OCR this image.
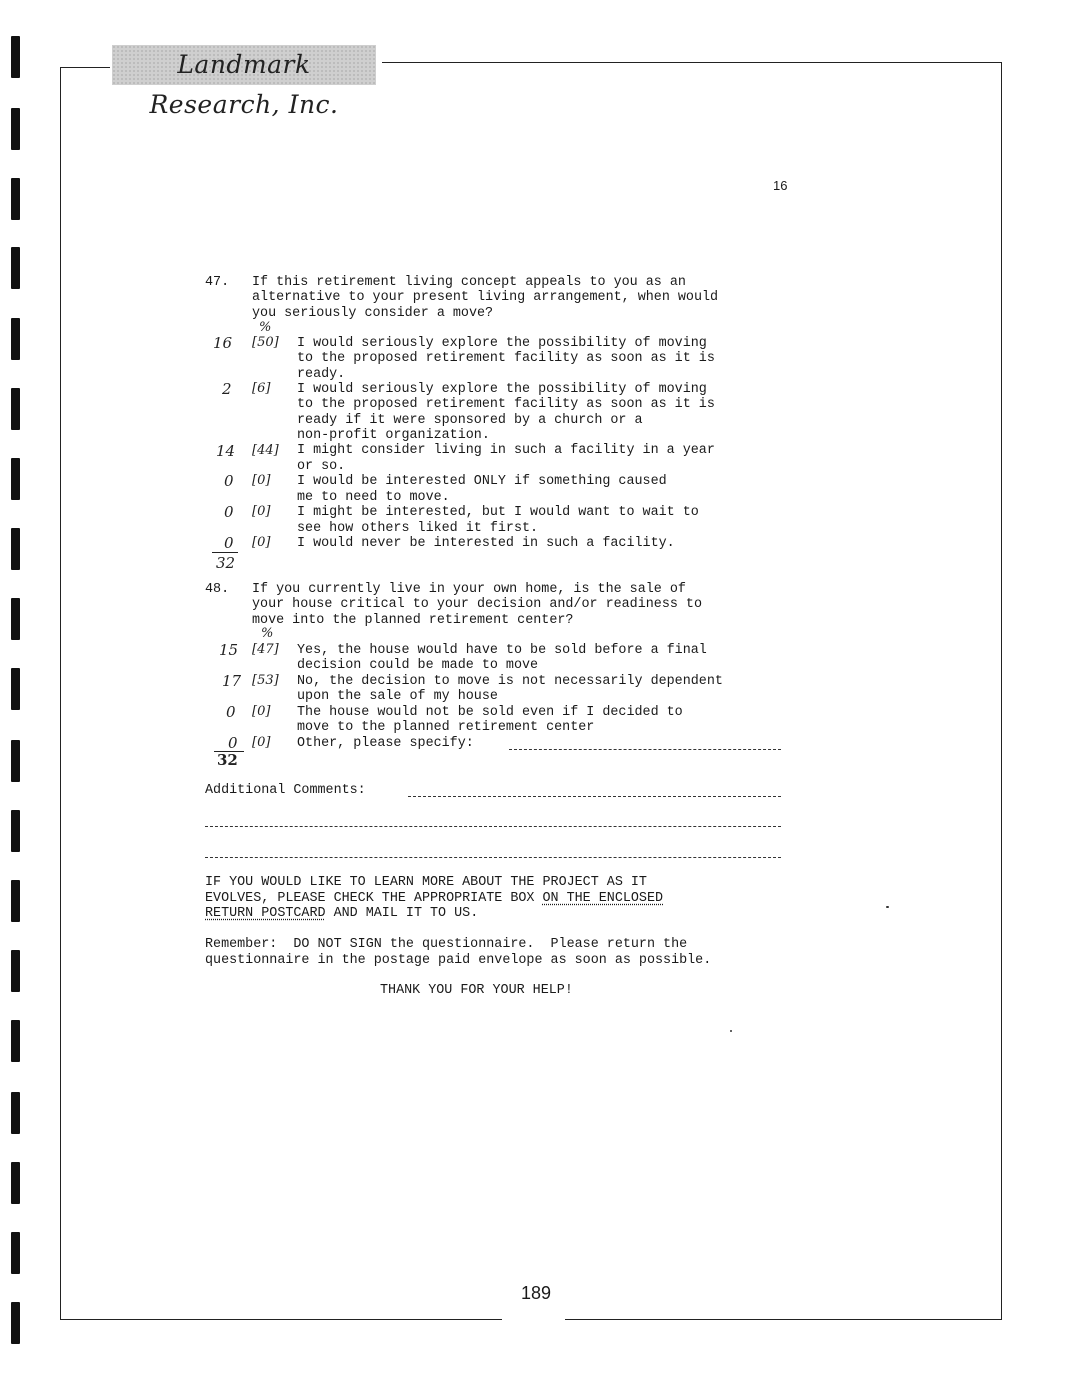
Landmark Research, Inc.
16
47. If this retirement living concept appeals to you as an
alternative to your present living arrangement, when would
you seriously consider a move?
%
16 [50] I would seriously explore the possibility of moving
to the proposed retirement facility as soon as it is
ready.
2 [6] I would seriously explore the possibility of moving
to the proposed retirement facility as soon as it is
ready if it were sponsored by a church or a
non-profit organization.
14 [44] I might consider living in such a facility in a year
or so.
0 [0] I would be interested ONLY if something caused
me to need to move.
0 [0] I might be interested, but I would want to wait to
see how others liked it first.
0 [0] I would never be interested in such a facility.
32
48. If you currently live in your own home, is the sale of
your house critical to your decision and/or readiness to
move into the planned retirement center?
%
15 [47] Yes, the house would have to be sold before a final
decision could be made to move
17 [53] No, the decision to move is not necessarily dependent
upon the sale of my house
0 [0] The house would not be sold even if I decided to
move to the planned retirement center
0 [0] Other, please specify:
32
Additional Comments:
IF YOU WOULD LIKE TO LEARN MORE ABOUT THE PROJECT AS IT
EVOLVES, PLEASE CHECK THE APPROPRIATE BOX ON THE ENCLOSED
RETURN POSTCARD AND MAIL IT TO US.
Remember:  DO NOT SIGN the questionnaire.  Please return the
questionnaire in the postage paid envelope as soon as possible.
THANK YOU FOR YOUR HELP!
189
